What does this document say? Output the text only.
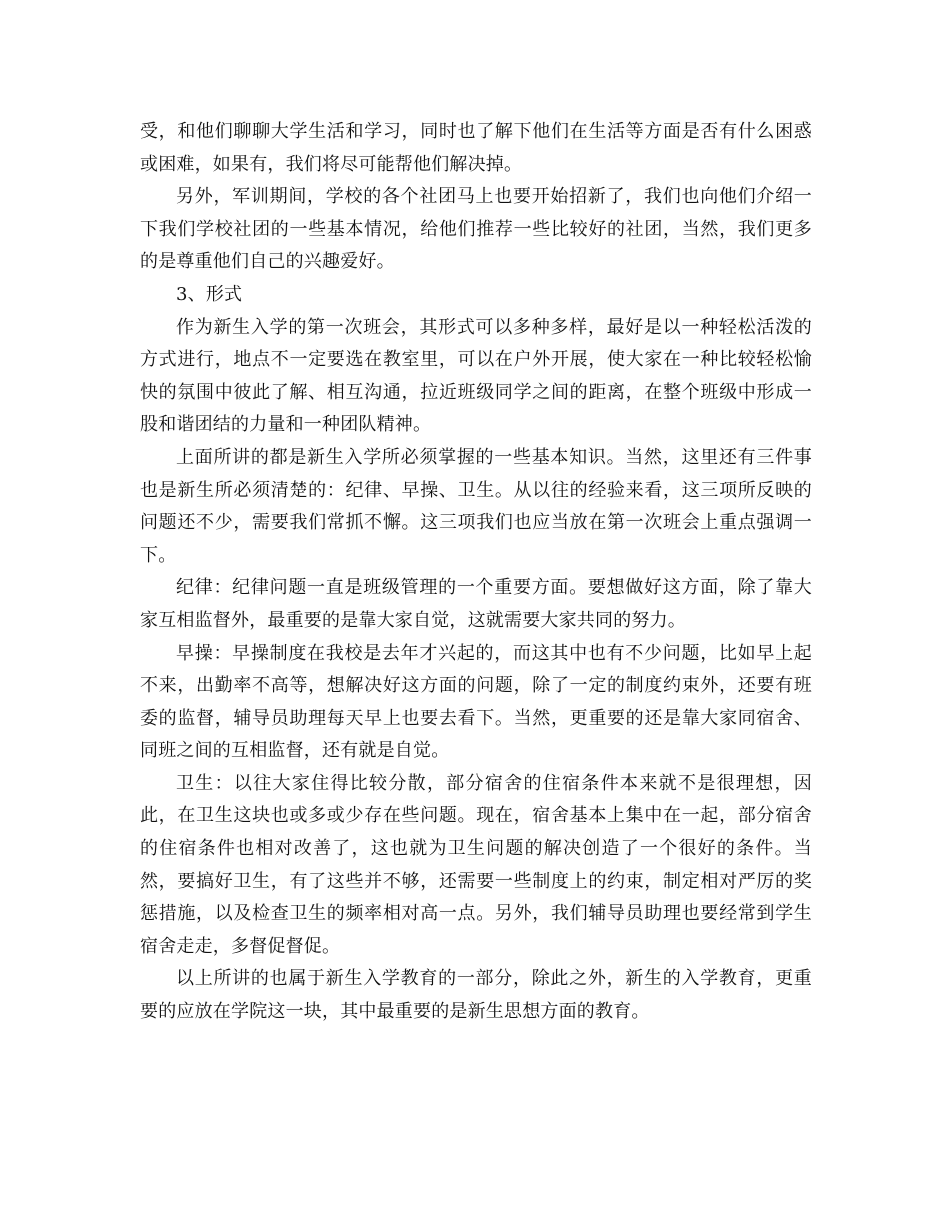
受，和他们聊聊大学生活和学习，同时也了解下他们在生活等方面是否有什么困惑或困难，如果有，我们将尽可能帮他们解决掉。

另外，军训期间，学校的各个社团马上也要开始招新了，我们也向他们介绍一下我们学校社团的一些基本情况，给他们推荐一些比较好的社团，当然，我们更多的是尊重他们自己的兴趣爱好。

3、形式

作为新生入学的第一次班会，其形式可以多种多样，最好是以一种轻松活泼的方式进行，地点不一定要选在教室里，可以在户外开展，使大家在一种比较轻松愉快的氛围中彼此了解、相互沟通，拉近班级同学之间的距离，在整个班级中形成一股和谐团结的力量和一种团队精神。

上面所讲的都是新生入学所必须掌握的一些基本知识。当然，这里还有三件事也是新生所必须清楚的：纪律、早操、卫生。从以往的经验来看，这三项所反映的问题还不少，需要我们常抓不懈。这三项我们也应当放在第一次班会上重点强调一下。

纪律：纪律问题一直是班级管理的一个重要方面。要想做好这方面，除了靠大家互相监督外，最重要的是靠大家自觉，这就需要大家共同的努力。

早操：早操制度在我校是去年才兴起的，而这其中也有不少问题，比如早上起不来，出勤率不高等，想解决好这方面的问题，除了一定的制度约束外，还要有班委的监督，辅导员助理每天早上也要去看下。当然，更重要的还是靠大家同宿舍、同班之间的互相监督，还有就是自觉。

卫生：以往大家住得比较分散，部分宿舍的住宿条件本来就不是很理想，因此，在卫生这块也或多或少存在些问题。现在，宿舍基本上集中在一起，部分宿舍的住宿条件也相对改善了，这也就为卫生问题的解决创造了一个很好的条件。当然，要搞好卫生，有了这些并不够，还需要一些制度上的约束，制定相对严厉的奖惩措施，以及检查卫生的频率相对高一点。另外，我们辅导员助理也要经常到学生宿舍走走，多督促督促。

以上所讲的也属于新生入学教育的一部分，除此之外，新生的入学教育，更重要的应放在学院这一块，其中最重要的是新生思想方面的教育。
